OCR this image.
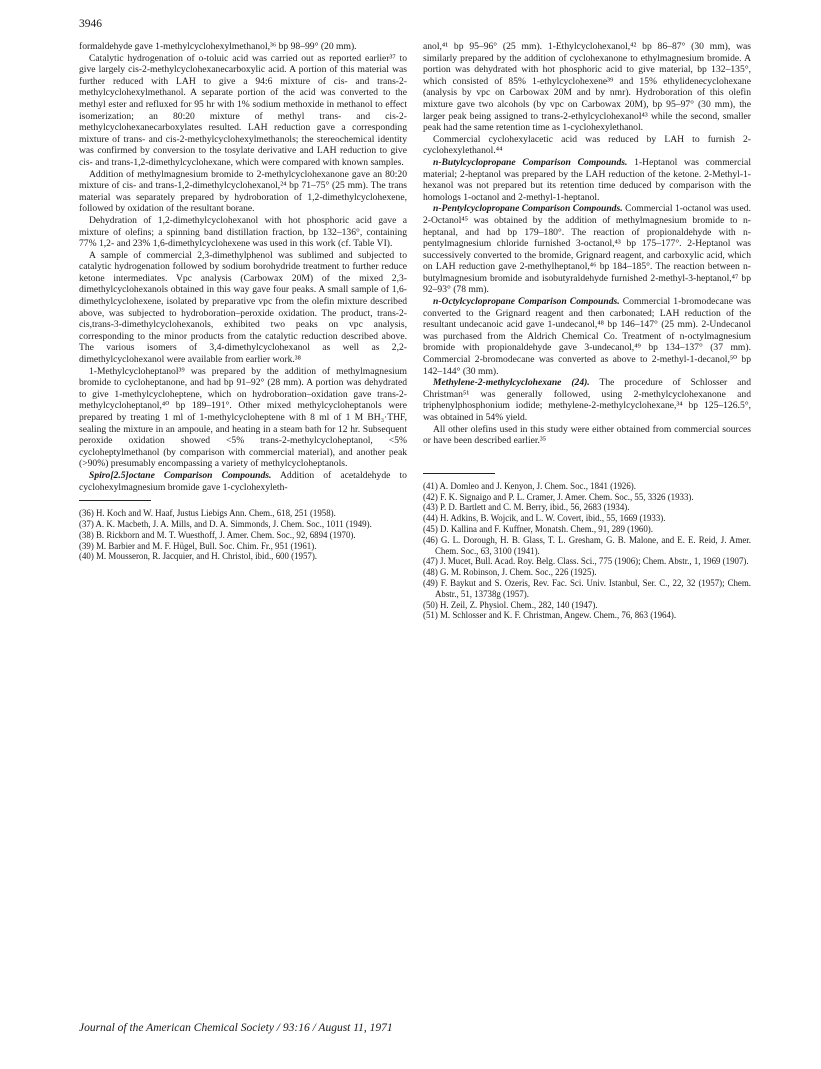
3946

formaldehyde gave 1-methylcyclohexylmethanol,³⁶ bp 98–99° (20 mm).

Catalytic hydrogenation of o-toluic acid was carried out as reported earlier³⁷ to give largely cis-2-methylcyclohexanecarboxylic acid. A portion of this material was further reduced with LAH to give a 94:6 mixture of cis- and trans-2-methylcyclohexylmethanol. A separate portion of the acid was converted to the methyl ester and refluxed for 95 hr with 1% sodium methoxide in methanol to effect isomerization; an 80:20 mixture of methyl trans- and cis-2-methylcyclohexanecarboxylates resulted. LAH reduction gave a corresponding mixture of trans- and cis-2-methylcyclohexylmethanols; the stereochemical identity was confirmed by conversion to the tosylate derivative and LAH reduction to give cis- and trans-1,2-dimethylcyclohexane, which were compared with known samples.

Addition of methylmagnesium bromide to 2-methylcyclohexanone gave an 80:20 mixture of cis- and trans-1,2-dimethylcyclohexanol,²⁴ bp 71–75° (25 mm). The trans material was separately prepared by hydroboration of 1,2-dimethylcyclohexene, followed by oxidation of the resultant borane.

Dehydration of 1,2-dimethylcyclohexanol with hot phosphoric acid gave a mixture of olefins; a spinning band distillation fraction, bp 132–136°, containing 77% 1,2- and 23% 1,6-dimethylcyclohexene was used in this work (cf. Table VI).

A sample of commercial 2,3-dimethylphenol was sublimed and subjected to catalytic hydrogenation followed by sodium borohydride treatment to further reduce ketone intermediates. Vpc analysis (Carbowax 20M) of the mixed 2,3-dimethylcyclohexanols obtained in this way gave four peaks. A small sample of 1,6-dimethylcyclohexene, isolated by preparative vpc from the olefin mixture described above, was subjected to hydroboration–peroxide oxidation. The product, trans-2-cis,trans-3-dimethylcyclohexanols, exhibited two peaks on vpc analysis, corresponding to the minor products from the catalytic reduction described above. The various isomers of 3,4-dimethylcyclohexanol as well as 2,2-dimethylcyclohexanol were available from earlier work.³⁸

1-Methylcycloheptanol³⁹ was prepared by the addition of methylmagnesium bromide to cycloheptanone, and had bp 91–92° (28 mm). A portion was dehydrated to give 1-methylcycloheptene, which on hydroboration–oxidation gave trans-2-methylcycloheptanol,⁴⁰ bp 189–191°. Other mixed methylcycloheptanols were prepared by treating 1 ml of 1-methylcycloheptene with 8 ml of 1 M BH₃·THF, sealing the mixture in an ampoule, and heating in a steam bath for 12 hr. Subsequent peroxide oxidation showed <5% trans-2-methylcycloheptanol, <5% cycloheptylmethanol (by comparison with commercial material), and another peak (>90%) presumably encompassing a variety of methylcycloheptanols.

Spiro[2.5]octane Comparison Compounds. Addition of acetaldehyde to cyclohexylmagnesium bromide gave 1-cyclohexyleth-

(36) H. Koch and W. Haaf, Justus Liebigs Ann. Chem., 618, 251 (1958).

(37) A. K. Macbeth, J. A. Mills, and D. A. Simmonds, J. Chem. Soc., 1011 (1949).

(38) B. Rickborn and M. T. Wuesthoff, J. Amer. Chem. Soc., 92, 6894 (1970).

(39) M. Barbier and M. F. Hügel, Bull. Soc. Chim. Fr., 951 (1961).

(40) M. Mousseron, R. Jacquier, and H. Christol, ibid., 600 (1957).

anol,⁴¹ bp 95–96° (25 mm). 1-Ethylcyclohexanol,⁴² bp 86–87° (30 mm), was similarly prepared by the addition of cyclohexanone to ethylmagnesium bromide. A portion was dehydrated with hot phosphoric acid to give material, bp 132–135°, which consisted of 85% 1-ethylcyclohexene³⁹ and 15% ethylidenecyclohexane (analysis by vpc on Carbowax 20M and by nmr). Hydroboration of this olefin mixture gave two alcohols (by vpc on Carbowax 20M), bp 95–97° (30 mm), the larger peak being assigned to trans-2-ethylcyclohexanol⁴³ while the second, smaller peak had the same retention time as 1-cyclohexylethanol.

Commercial cyclohexylacetic acid was reduced by LAH to furnish 2-cyclohexylethanol.⁴⁴

n-Butylcyclopropane Comparison Compounds. 1-Heptanol was commercial material; 2-heptanol was prepared by the LAH reduction of the ketone. 2-Methyl-1-hexanol was not prepared but its retention time deduced by comparison with the homologs 1-octanol and 2-methyl-1-heptanol.

n-Pentylcyclopropane Comparison Compounds. Commercial 1-octanol was used. 2-Octanol⁴⁵ was obtained by the addition of methylmagnesium bromide to n-heptanal, and had bp 179–180°. The reaction of propionaldehyde with n-pentylmagnesium chloride furnished 3-octanol,⁴³ bp 175–177°. 2-Heptanol was successively converted to the bromide, Grignard reagent, and carboxylic acid, which on LAH reduction gave 2-methylheptanol,⁴⁶ bp 184–185°. The reaction between n-butylmagnesium bromide and isobutyraldehyde furnished 2-methyl-3-heptanol,⁴⁷ bp 92–93° (78 mm).

n-Octylcyclopropane Comparison Compounds. Commercial 1-bromodecane was converted to the Grignard reagent and then carbonated; LAH reduction of the resultant undecanoic acid gave 1-undecanol,⁴⁸ bp 146–147° (25 mm). 2-Undecanol was purchased from the Aldrich Chemical Co. Treatment of n-octylmagnesium bromide with propionaldehyde gave 3-undecanol,⁴⁹ bp 134–137° (37 mm). Commercial 2-bromodecane was converted as above to 2-methyl-1-decanol,⁵⁰ bp 142–144° (30 mm).

Methylene-2-methylcyclohexane (24). The procedure of Schlosser and Christman⁵¹ was generally followed, using 2-methylcyclohexanone and triphenylphosphonium iodide; methylene-2-methylcyclohexane,³⁴ bp 125–126.5°, was obtained in 54% yield.

All other olefins used in this study were either obtained from commercial sources or have been described earlier.³⁵

(41) A. Domleo and J. Kenyon, J. Chem. Soc., 1841 (1926).

(42) F. K. Signaigo and P. L. Cramer, J. Amer. Chem. Soc., 55, 3326 (1933).

(43) P. D. Bartlett and C. M. Berry, ibid., 56, 2683 (1934).

(44) H. Adkins, B. Wojcik, and L. W. Covert, ibid., 55, 1669 (1933).

(45) D. Kallina and F. Kuffner, Monatsh. Chem., 91, 289 (1960).

(46) G. L. Dorough, H. B. Glass, T. L. Gresham, G. B. Malone, and E. E. Reid, J. Amer. Chem. Soc., 63, 3100 (1941).

(47) J. Mucet, Bull. Acad. Roy. Belg. Class. Sci., 775 (1906); Chem. Abstr., 1, 1969 (1907).

(48) G. M. Robinson, J. Chem. Soc., 226 (1925).

(49) F. Baykut and S. Ozeris, Rev. Fac. Sci. Univ. Istanbul, Ser. C., 22, 32 (1957); Chem. Abstr., 51, 13738g (1957).

(50) H. Zeil, Z. Physiol. Chem., 282, 140 (1947).

(51) M. Schlosser and K. F. Christman, Angew. Chem., 76, 863 (1964).

Journal of the American Chemical Society / 93:16 / August 11, 1971
